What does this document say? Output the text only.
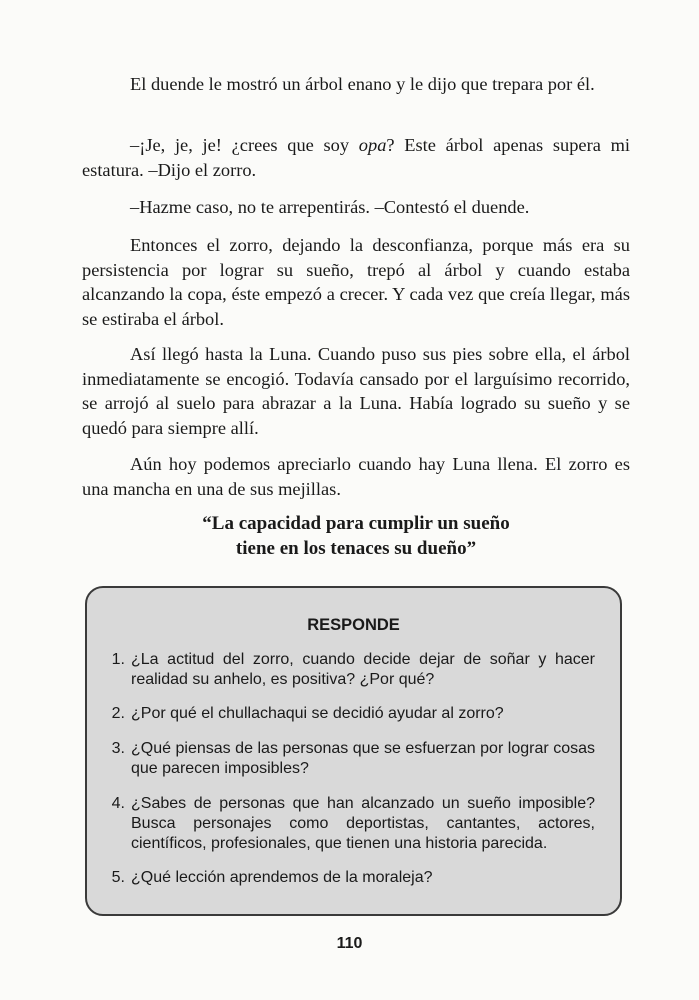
El duende le mostró un árbol enano y le dijo que trepara por él.

–¡Je, je, je! ¿crees que soy opa? Este árbol apenas supera mi estatura. –Dijo el zorro.

–Hazme caso, no te arrepentirás. –Contestó el duende.

Entonces el zorro, dejando la desconfianza, porque más era su persistencia por lograr su sueño, trepó al árbol y cuando estaba alcanzando la copa, éste empezó a crecer. Y cada vez que creía llegar, más se estiraba el árbol.

Así llegó hasta la Luna. Cuando puso sus pies sobre ella, el árbol inmediatamente se encogió. Todavía cansado por el larguísimo recorrido, se arrojó al suelo para abrazar a la Luna. Había logrado su sueño y se quedó para siempre allí.

Aún hoy podemos apreciarlo cuando hay Luna llena. El zorro es una mancha en una de sus mejillas.

“La capacidad para cumplir un sueño
tiene en los tenaces su dueño”

RESPONDE

1. ¿La actitud del zorro, cuando decide dejar de soñar y hacer realidad su anhelo, es positiva? ¿Por qué?
2. ¿Por qué el chullachaqui se decidió ayudar al zorro?
3. ¿Qué piensas de las personas que se esfuerzan por lograr cosas que parecen imposibles?
4. ¿Sabes de personas que han alcanzado un sueño imposible? Busca personajes como deportistas, cantantes, actores, científicos, profesionales, que tienen una historia parecida.
5. ¿Qué lección aprendemos de la moraleja?

110
